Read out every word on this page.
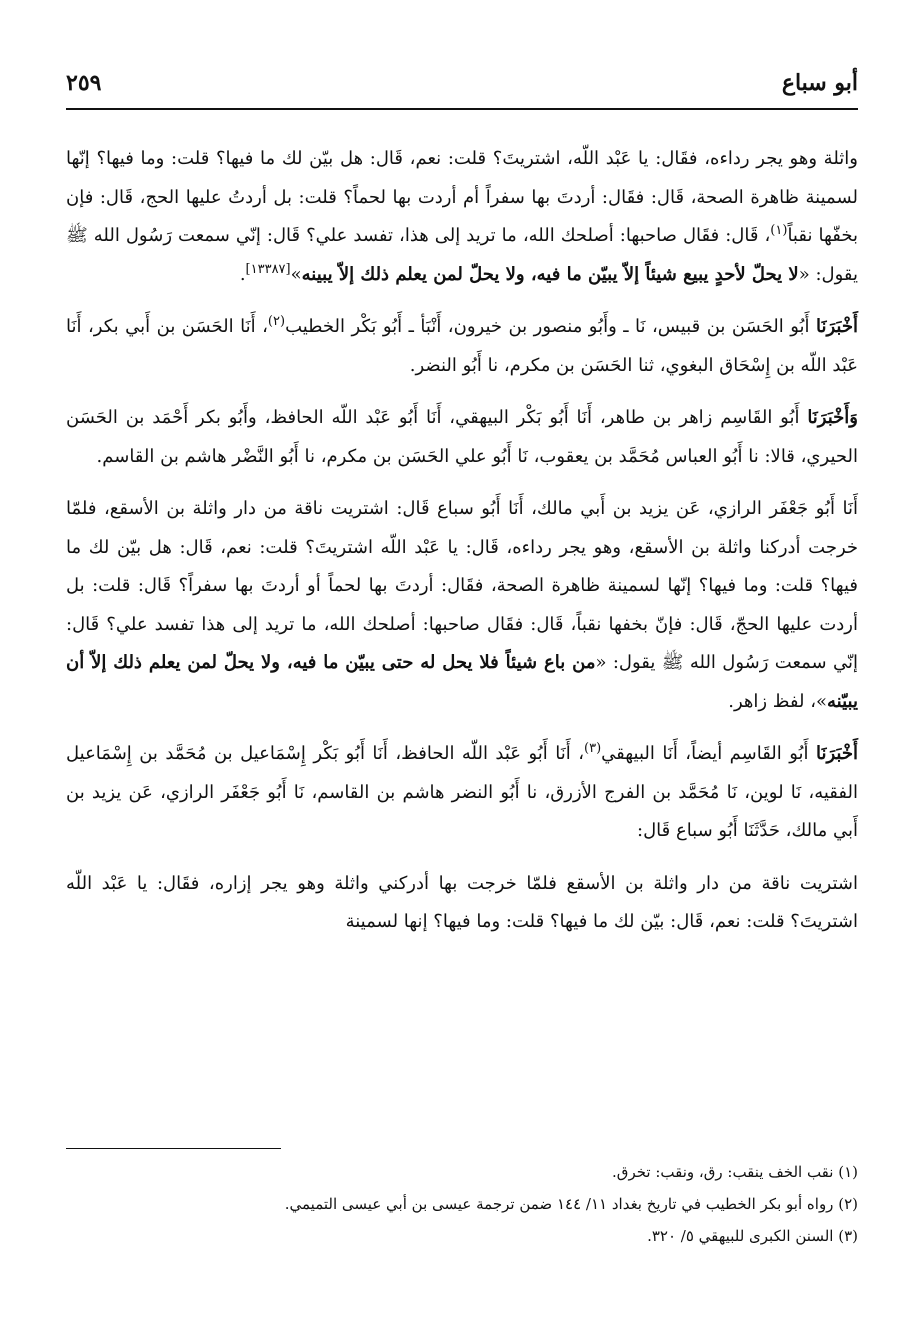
أبو سباع
٢٥٩

واثلة وهو يجر رداءه، فقَال: يا عَبْد اللّه، اشتريتَ؟ قلت: نعم، قَال: هل بيّن لك ما فيها؟ قلت: وما فيها؟ إنّها لسمينة ظاهرة الصحة، قَال: فقَال: أردتَ بها سفراً أم أردت بها لحماً؟ قلت: بل أردتُ عليها الحج، قَال: فإن بخفّها نقباً$^{(١)}$، قَال: فقَال صاحبها: أصلحك الله، ما تريد إلى هذا، تفسد علي؟ قَال: إنّي سمعت رَسُول الله ﷺ يقول: «لا يحلّ لأحدٍ يبيع شيئاً إلاّ يبيّن ما فيه، ولا يحلّ لمن يعلم ذلك إلاّ يبينه»[١٣٣٨٧].

أَخْبَرَنَا أَبُو الحَسَن بن قبيس، نَا ـ وأَبُو منصور بن خيرون، أَنْبَأ ـ أَبُو بَكْر الخطيب$^{(٢)}$، أَنَا الحَسَن بن أَبي بكر، أَنَا عَبْد اللّه بن إِسْحَاق البغوي، ثنا الحَسَن بن مكرم، نا أَبُو النضر.

وَأَخْبَرَنَا أَبُو القَاسِم زاهر بن طاهر، أَنَا أَبُو بَكْر البيهقي، أَنَا أَبُو عَبْد اللّه الحافظ، وأَبُو بكر أَحْمَد بن الحَسَن الحيري، قالا: نا أَبُو العباس مُحَمَّد بن يعقوب، نَا أَبُو علي الحَسَن بن مكرم، نا أَبُو النَّضْر هاشم بن القاسم.

أَنَا أَبُو جَعْفَر الرازي، عَن يزيد بن أَبي مالك، أَنَا أَبُو سباع قَال: اشتريت ناقة من دار واثلة بن الأسقع، فلمّا خرجت أدركنا واثلة بن الأسقع، وهو يجر رداءه، قَال: يا عَبْد اللّه اشتريتَ؟ قلت: نعم، قَال: هل بيّن لك ما فيها؟ قلت: وما فيها؟ إنّها لسمينة ظاهرة الصحة، فقَال: أردتَ بها لحماً أو أردتَ بها سفراً؟ قَال: قلت: بل أردت عليها الحجّ، قَال: فإنّ بخفها نقباً، قَال: فقَال صاحبها: أصلحك الله، ما تريد إلى هذا تفسد علي؟ قَال: إنّي سمعت رَسُول الله ﷺ يقول: «من باع شيئاً فلا يحل له حتى يبيّن ما فيه، ولا يحلّ لمن يعلم ذلك إلاّ أن يبيّنه»، لفظ زاهر.

أَخْبَرَنَا أَبُو القَاسِم أيضاً، أَنَا البيهقي$^{(٣)}$، أَنَا أَبُو عَبْد اللّه الحافظ، أَنَا أَبُو بَكْر إِسْمَاعيل بن مُحَمَّد بن إِسْمَاعيل الفقيه، نَا لوين، نَا مُحَمَّد بن الفرج الأزرق، نا أَبُو النضر هاشم بن القاسم، نَا أَبُو جَعْفَر الرازي، عَن يزيد بن أَبي مالك، حَدَّثَنَا أَبُو سباع قَال:

اشتريت ناقة من دار واثلة بن الأسقع فلمّا خرجت بها أدركني واثلة وهو يجر إزاره، فقَال: يا عَبْد اللّه اشتريتَ؟ قلت: نعم، قَال: بيّن لك ما فيها؟ قلت: وما فيها؟ إنها لسمينة

(١) نقب الخف ينقب: رق، ونقب: تخرق.

(٢) رواه أبو بكر الخطيب في تاريخ بغداد ١١/ ١٤٤ ضمن ترجمة عيسى بن أبي عيسى التميمي.

(٣) السنن الكبرى للبيهقي ٥/ ٣٢٠.
